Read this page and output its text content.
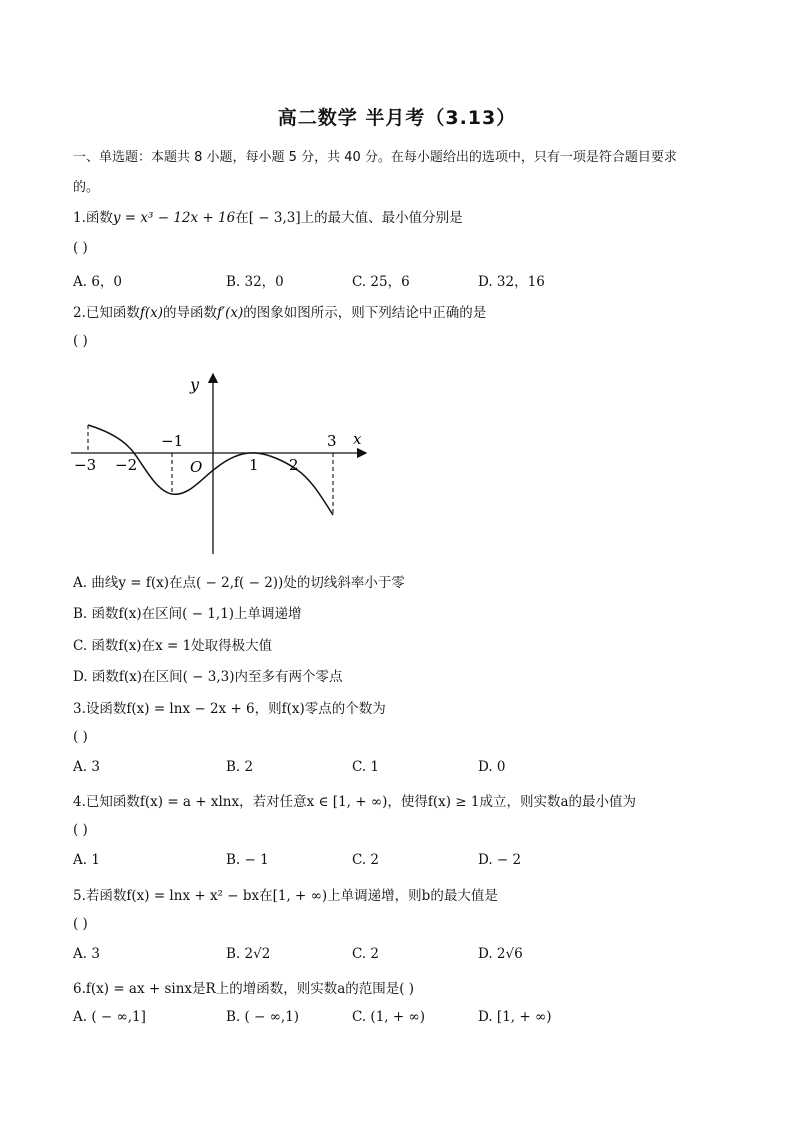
高二数学 半月考（3.13）
一、单选题：本题共 8 小题，每小题 5 分，共 40 分。在每小题给出的选项中，只有一项是符合题目要求
的。
1.函数y = x³ − 12x + 16在[ − 3,3]上的最大值、最小值分别是
( )
A. 6，0	B. 32，0	C. 25，6	D. 32，16
2.已知函数f(x)的导函数f′(x)的图象如图所示，则下列结论中正确的是
( )
y
x
O
−3 −2
−1
1 2
3
A. 曲线y = f(x)在点( − 2,f( − 2))处的切线斜率小于零
B. 函数f(x)在区间( − 1,1)上单调递增
C. 函数f(x)在x = 1处取得极大值
D. 函数f(x)在区间( − 3,3)内至多有两个零点
3.设函数f(x) = lnx − 2x + 6，则f(x)零点的个数为
( )
A. 3	B. 2	C. 1	D. 0
4.已知函数f(x) = a + xlnx，若对任意x ∈ [1, + ∞)，使得f(x) ≥ 1成立，则实数a的最小值为
( )
A. 1	B. − 1	C. 2	D. − 2
5.若函数f(x) = lnx + x² − bx在[1, + ∞)上单调递增，则b的最大值是
( )
A. 3	B. 2√2	C. 2	D. 2√6
6.f(x) = ax + sinx是R上的增函数，则实数a的范围是( )
A. ( − ∞,1]	B. ( − ∞,1)	C. (1, + ∞)	D. [1, + ∞)
